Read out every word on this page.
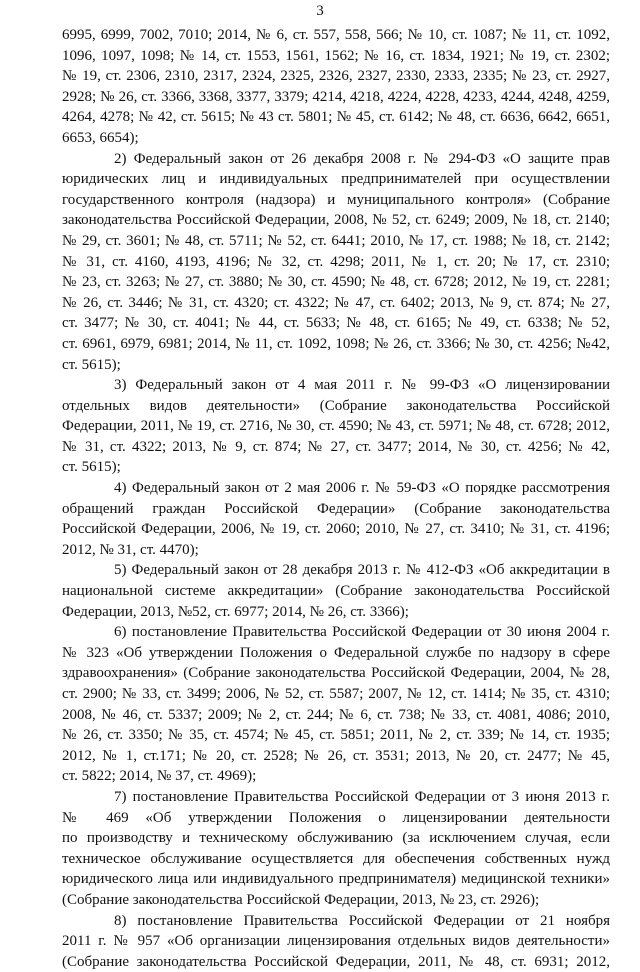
3
6995, 6999, 7002, 7010; 2014, № 6, ст. 557, 558, 566; № 10, ст. 1087; № 11, ст. 1092,
1096, 1097, 1098; № 14, ст. 1553, 1561, 1562; № 16, ст. 1834, 1921; № 19, ст. 2302;
№ 19, ст. 2306, 2310, 2317, 2324, 2325, 2326, 2327, 2330, 2333, 2335; № 23, ст. 2927,
2928; № 26, ст. 3366, 3368, 3377, 3379; 4214, 4218, 4224, 4228, 4233, 4244, 4248, 4259,
4264, 4278; № 42, ст. 5615; № 43 ст. 5801; № 45, ст. 6142; № 48, ст. 6636, 6642, 6651,
6653, 6654);
2) Федеральный закон от 26 декабря 2008 г. № 294-ФЗ «О защите прав
юридических лиц и индивидуальных предпринимателей при осуществлении
государственного контроля (надзора) и муниципального контроля» (Собрание
законодательства Российской Федерации, 2008, № 52, ст. 6249; 2009, № 18, ст. 2140;
№ 29, ст. 3601; № 48, ст. 5711; № 52, ст. 6441; 2010, № 17, ст. 1988; № 18, ст. 2142;
№ 31, ст. 4160, 4193, 4196; № 32, ст. 4298; 2011, № 1, ст. 20; № 17, ст. 2310;
№ 23, ст. 3263; № 27, ст. 3880; № 30, ст. 4590; № 48, ст. 6728; 2012, № 19, ст. 2281;
№ 26, ст. 3446; № 31, ст. 4320; ст. 4322; № 47, ст. 6402; 2013, № 9, ст. 874; № 27,
ст. 3477; № 30, ст. 4041; № 44, ст. 5633; № 48, ст. 6165; № 49, ст. 6338; № 52,
ст. 6961, 6979, 6981; 2014, № 11, ст. 1092, 1098; № 26, ст. 3366; № 30, ст. 4256; №42,
ст. 5615);
3) Федеральный закон от 4 мая 2011 г. № 99-ФЗ «О лицензировании
отдельных видов деятельности» (Собрание законодательства Российской
Федерации, 2011, № 19, ст. 2716, № 30, ст. 4590; № 43, ст. 5971; № 48, ст. 6728; 2012,
№ 31, ст. 4322; 2013, № 9, ст. 874; № 27, ст. 3477; 2014, № 30, ст. 4256; № 42,
ст. 5615);
4) Федеральный закон от 2 мая 2006 г. № 59-ФЗ «О порядке рассмотрения
обращений граждан Российской Федерации» (Собрание законодательства
Российской Федерации, 2006, № 19, ст. 2060; 2010, № 27, ст. 3410; № 31, ст. 4196;
2012, № 31, ст. 4470);
5) Федеральный закон от 28 декабря 2013 г. № 412-ФЗ «Об аккредитации в
национальной системе аккредитации» (Собрание законодательства Российской
Федерации, 2013, №52, ст. 6977; 2014, № 26, ст. 3366);
6) постановление Правительства Российской Федерации от 30 июня 2004 г.
№ 323 «Об утверждении Положения о Федеральной службе по надзору в сфере
здравоохранения» (Собрание законодательства Российской Федерации, 2004, № 28,
ст. 2900; № 33, ст. 3499; 2006, № 52, ст. 5587; 2007, № 12, ст. 1414; № 35, ст. 4310;
2008, № 46, ст. 5337; 2009; № 2, ст. 244; № 6, ст. 738; № 33, ст. 4081, 4086; 2010,
№ 26, ст. 3350; № 35, ст. 4574; № 45, ст. 5851; 2011, № 2, ст. 339; № 14, ст. 1935;
2012, № 1, ст.171; № 20, ст. 2528; № 26, ст. 3531; 2013, № 20, ст. 2477; № 45,
ст. 5822; 2014, № 37, ст. 4969);
7) постановление Правительства Российской Федерации от 3 июня 2013 г.
№ 469 «Об утверждении Положения о лицензировании деятельности
по производству и техническому обслуживанию (за исключением случая, если
техническое обслуживание осуществляется для обеспечения собственных нужд
юридического лица или индивидуального предпринимателя) медицинской техники»
(Собрание законодательства Российской Федерации, 2013, № 23, ст. 2926);
8) постановление Правительства Российской Федерации от 21 ноября
2011 г. № 957 «Об организации лицензирования отдельных видов деятельности»
(Собрание законодательства Российской Федерации, 2011, № 48, ст. 6931; 2012,
